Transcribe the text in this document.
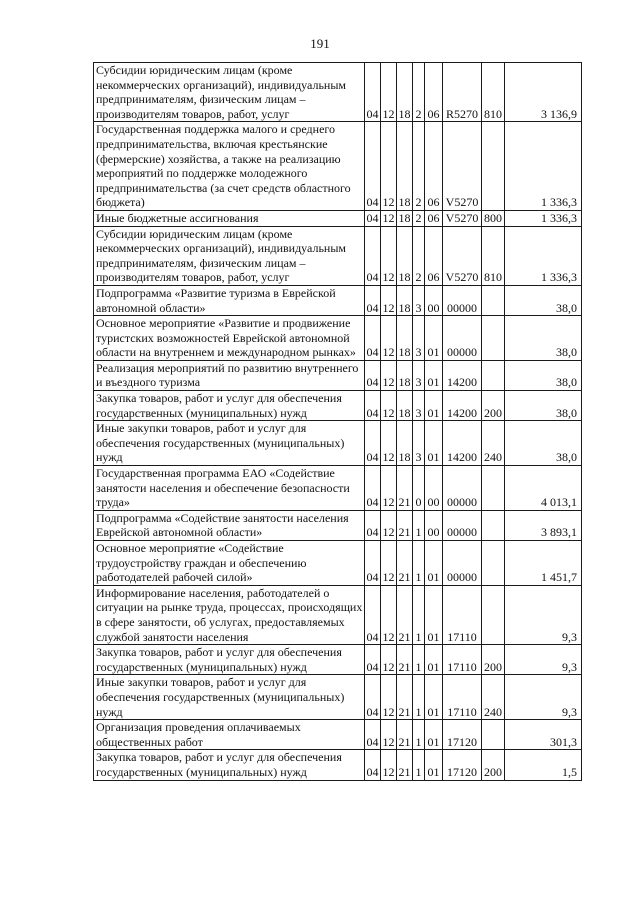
191
Субсидии юридическим лицам (кроме некоммерческих организаций), индивидуальным предпринимателям, физическим лицам – производителям товаров, работ, услуг	04	12	18	2	06	R5270	810	3 136,9
Государственная поддержка малого и среднего предпринимательства, включая крестьянские (фермерские) хозяйства, а также на реализацию мероприятий по поддержке молодежного предпринимательства (за счет средств областного бюджета)	04	12	18	2	06	V5270		1 336,3
Иные бюджетные ассигнования	04	12	18	2	06	V5270	800	1 336,3
Субсидии юридическим лицам (кроме некоммерческих организаций), индивидуальным предпринимателям, физическим лицам – производителям товаров, работ, услуг	04	12	18	2	06	V5270	810	1 336,3
Подпрограмма «Развитие туризма в Еврейской автономной области»	04	12	18	3	00	00000		38,0
Основное мероприятие «Развитие и продвижение туристских возможностей Еврейской автономной области на внутреннем и международном рынках»	04	12	18	3	01	00000		38,0
Реализация мероприятий по развитию внутреннего и въездного туризма	04	12	18	3	01	14200		38,0
Закупка товаров, работ и услуг для обеспечения государственных (муниципальных) нужд	04	12	18	3	01	14200	200	38,0
Иные закупки товаров, работ и услуг для обеспечения государственных (муниципальных) нужд	04	12	18	3	01	14200	240	38,0
Государственная программа ЕАО «Содействие занятости населения и обеспечение безопасности труда»	04	12	21	0	00	00000		4 013,1
Подпрограмма «Содействие занятости населения Еврейской автономной области»	04	12	21	1	00	00000		3 893,1
Основное мероприятие «Содействие трудоустройству граждан и обеспечению работодателей рабочей силой»	04	12	21	1	01	00000		1 451,7
Информирование населения, работодателей о ситуации на рынке труда, процессах, происходящих в сфере занятости, об услугах, предоставляемых службой занятости населения	04	12	21	1	01	17110		9,3
Закупка товаров, работ и услуг для обеспечения государственных (муниципальных) нужд	04	12	21	1	01	17110	200	9,3
Иные закупки товаров, работ и услуг для обеспечения государственных (муниципальных) нужд	04	12	21	1	01	17110	240	9,3
Организация проведения оплачиваемых общественных работ	04	12	21	1	01	17120		301,3
Закупка товаров, работ и услуг для обеспечения государственных (муниципальных) нужд	04	12	21	1	01	17120	200	1,5
